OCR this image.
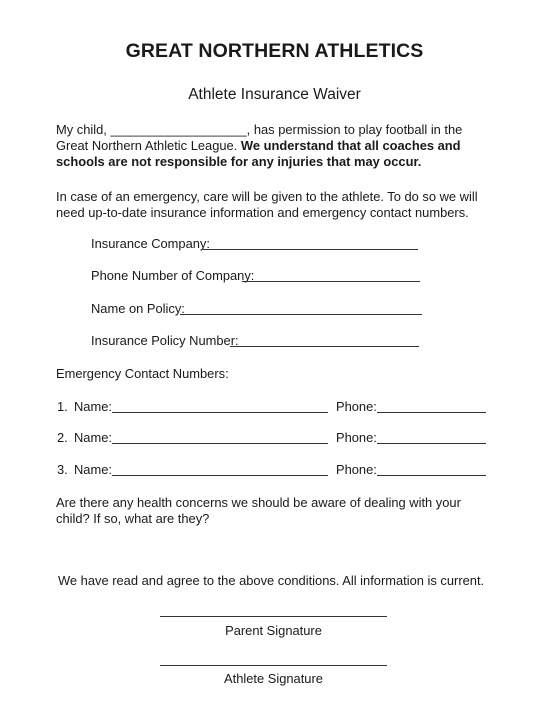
GREAT NORTHERN ATHLETICS
Athlete Insurance Waiver
My child, ___________________, has permission to play football in the Great Northern Athletic League. We understand that all coaches and schools are not responsible for any injuries that may occur.
In case of an emergency, care will be given to the athlete. To do so we will need up-to-date insurance information and emergency contact numbers.
Insurance Company:
Phone Number of Company:
Name on Policy:
Insurance Policy Number:
Emergency Contact Numbers:
1. Name:	Phone:
2. Name:	Phone:
3. Name:	Phone:
Are there any health concerns we should be aware of dealing with your child? If so, what are they?
We have read and agree to the above conditions. All information is current.
Parent Signature
Athlete Signature
